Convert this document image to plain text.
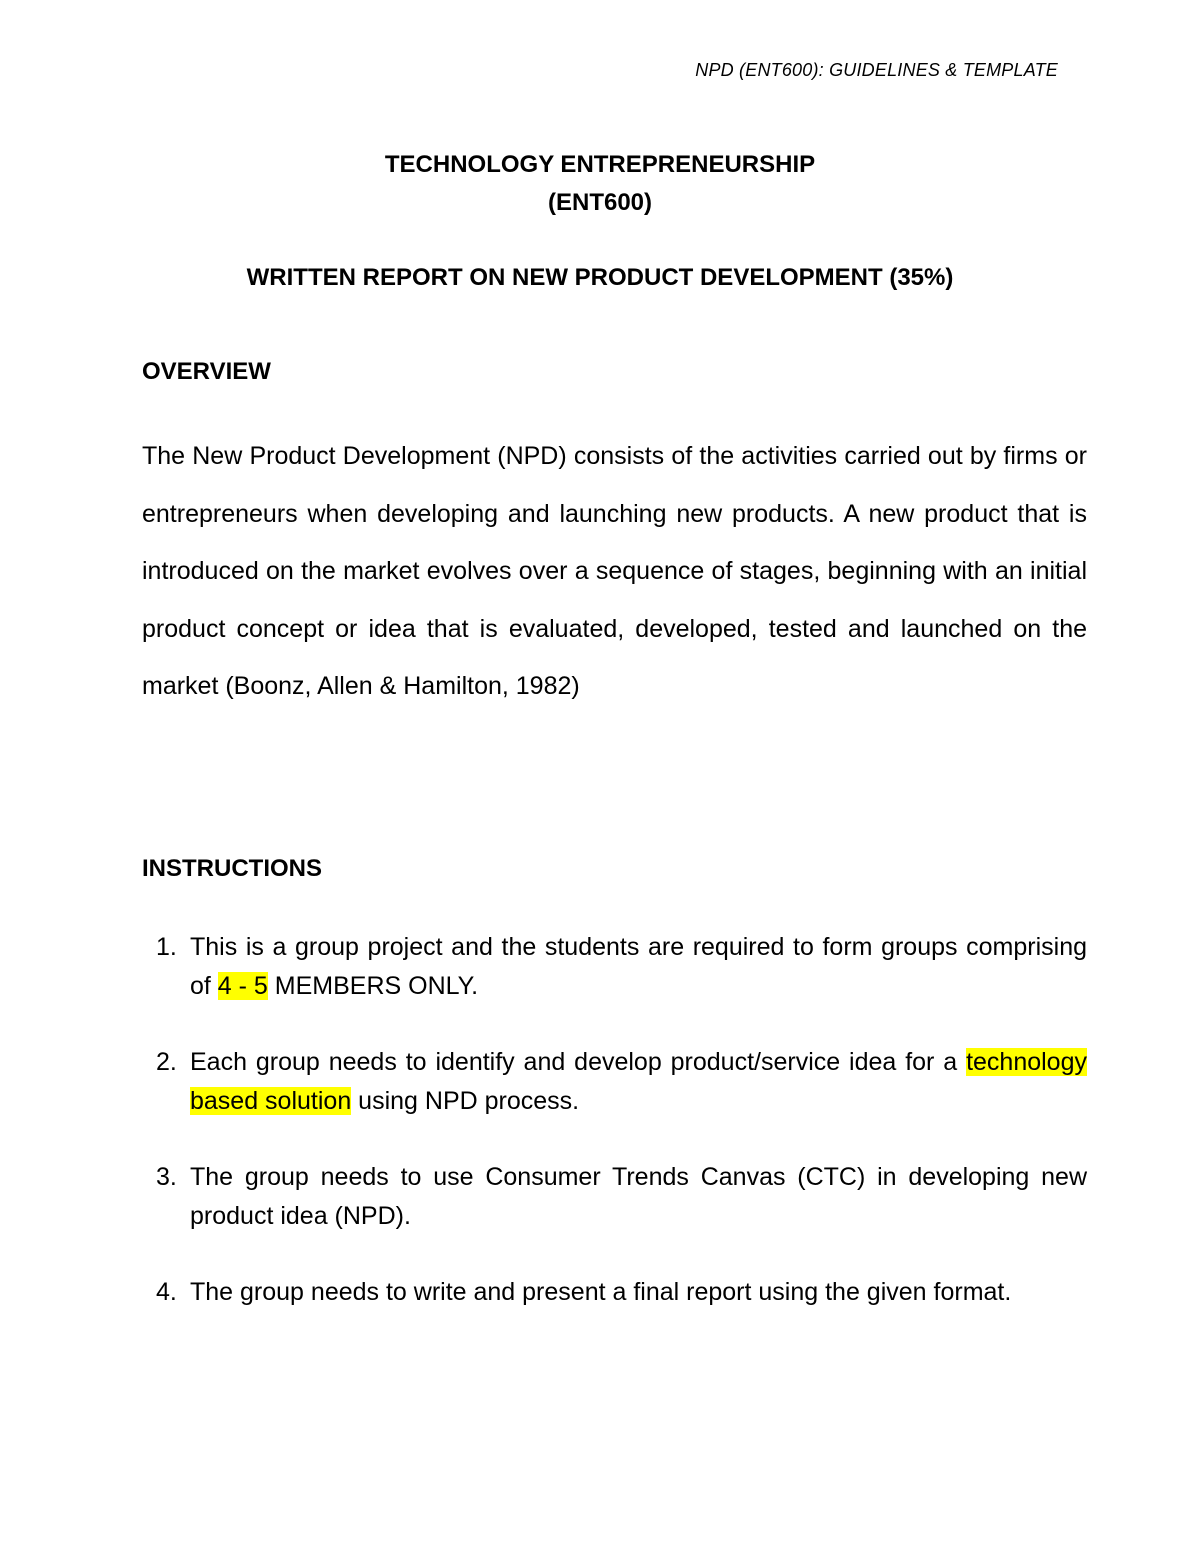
NPD (ENT600): GUIDELINES & TEMPLATE
TECHNOLOGY ENTREPRENEURSHIP
(ENT600)
WRITTEN REPORT ON NEW PRODUCT DEVELOPMENT (35%)
OVERVIEW

The New Product Development (NPD) consists of the activities carried out by firms or entrepreneurs when developing and launching new products. A new product that is introduced on the market evolves over a sequence of stages, beginning with an initial product concept or idea that is evaluated, developed, tested and launched on the market (Boonz, Allen & Hamilton, 1982)

INSTRUCTIONS
1. This is a group project and the students are required to form groups comprising of 4 - 5 MEMBERS ONLY.
2. Each group needs to identify and develop product/service idea for a technology based solution using NPD process.
3. The group needs to use Consumer Trends Canvas (CTC) in developing new product idea (NPD).
4. The group needs to write and present a final report using the given format.
